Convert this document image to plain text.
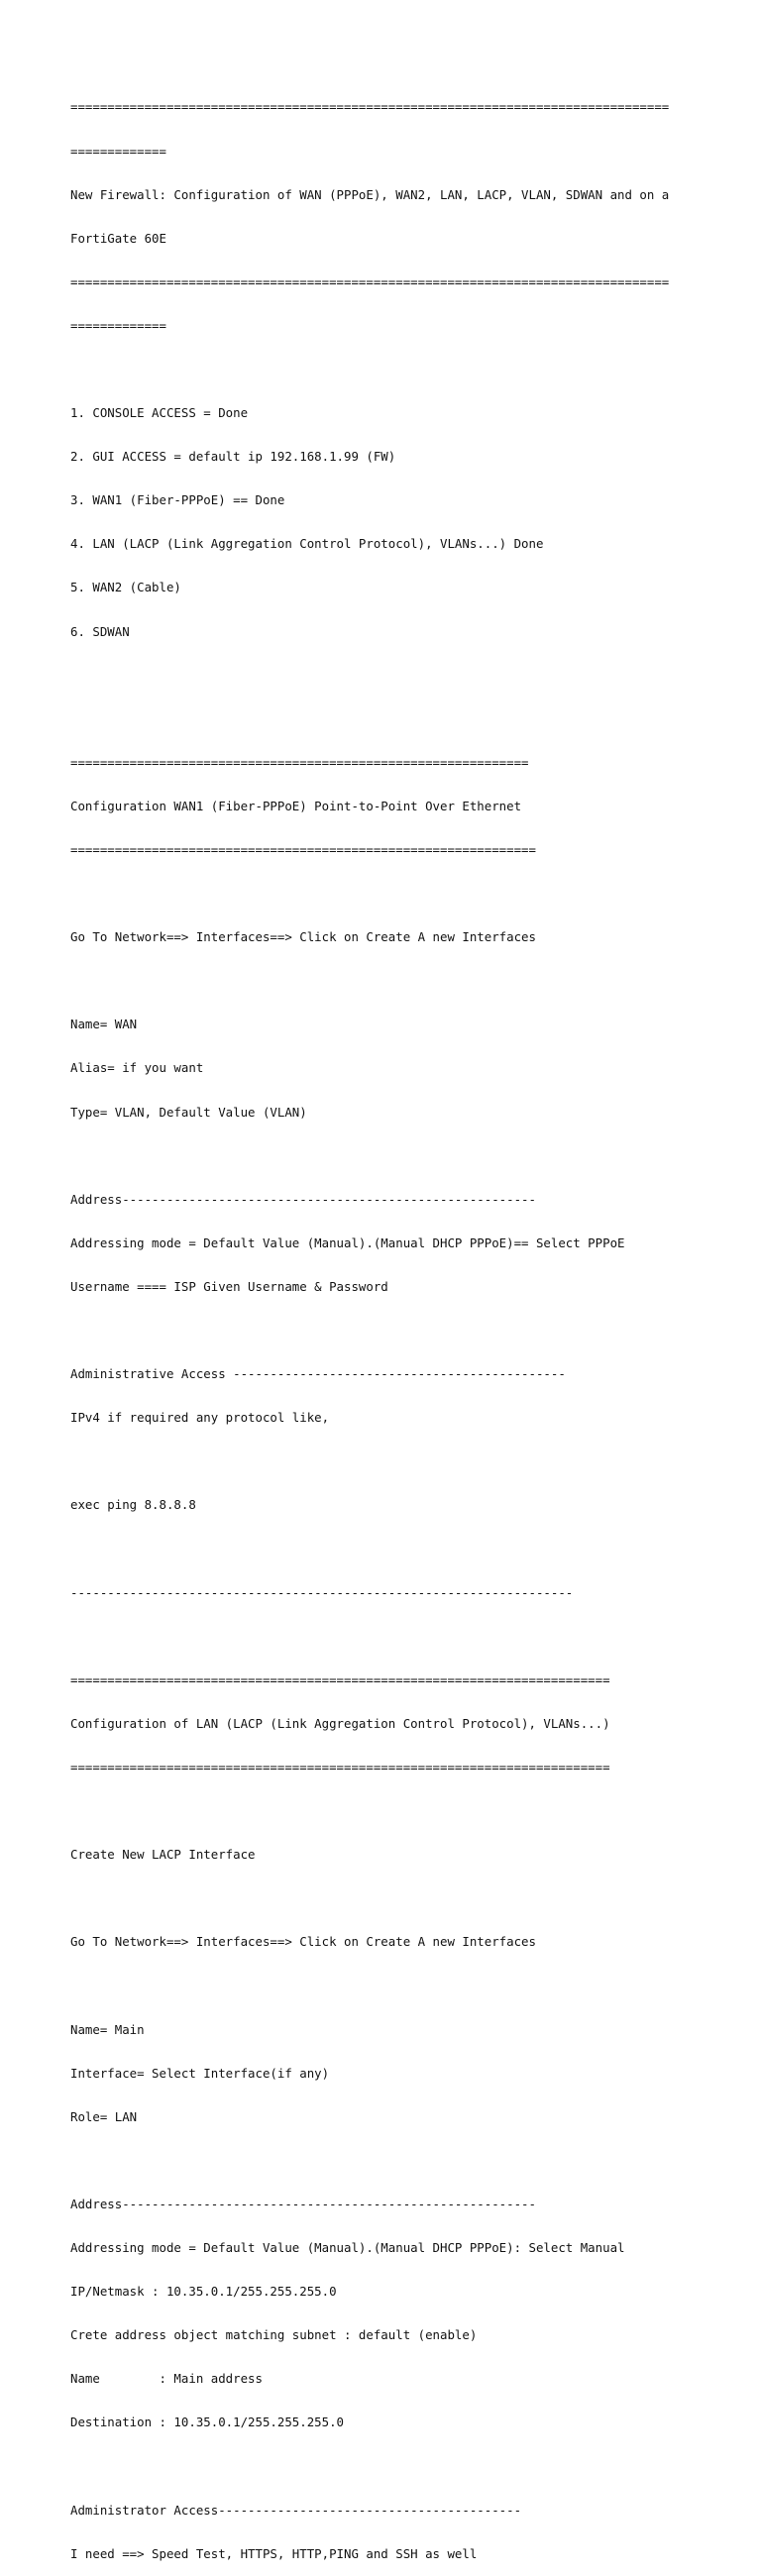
=================================================================================

=============

New Firewall: Configuration of WAN (PPPoE), WAN2, LAN, LACP, VLAN, SDWAN and on a

FortiGate 60E

=================================================================================

=============

1. CONSOLE ACCESS = Done

2. GUI ACCESS = default ip 192.168.1.99 (FW)

3. WAN1 (Fiber-PPPoE) == Done

4. LAN (LACP (Link Aggregation Control Protocol), VLANs...) Done

5. WAN2 (Cable)

6. SDWAN

==============================================================

Configuration WAN1 (Fiber-PPPoE) Point-to-Point Over Ethernet

===============================================================

Go To Network==> Interfaces==> Click on Create A new Interfaces

Name= WAN

Alias= if you want

Type= VLAN, Default Value (VLAN)

Address--------------------------------------------------------

Addressing mode = Default Value (Manual).(Manual DHCP PPPoE)== Select PPPoE

Username ==== ISP Given Username & Password

Administrative Access ---------------------------------------------

IPv4 if required any protocol like,

exec ping 8.8.8.8

--------------------------------------------------------------------

=========================================================================

Configuration of LAN (LACP (Link Aggregation Control Protocol), VLANs...)

=========================================================================

Create New LACP Interface

Go To Network==> Interfaces==> Click on Create A new Interfaces

Name= Main

Interface= Select Interface(if any)

Role= LAN

Address--------------------------------------------------------

Addressing mode = Default Value (Manual).(Manual DHCP PPPoE): Select Manual

IP/Netmask : 10.35.0.1/255.255.255.0

Crete address object matching subnet : default (enable)

Name        : Main address

Destination : 10.35.0.1/255.255.255.0

Administrator Access-----------------------------------------

I need ==> Speed Test, HTTPS, HTTP,PING and SSH as well
